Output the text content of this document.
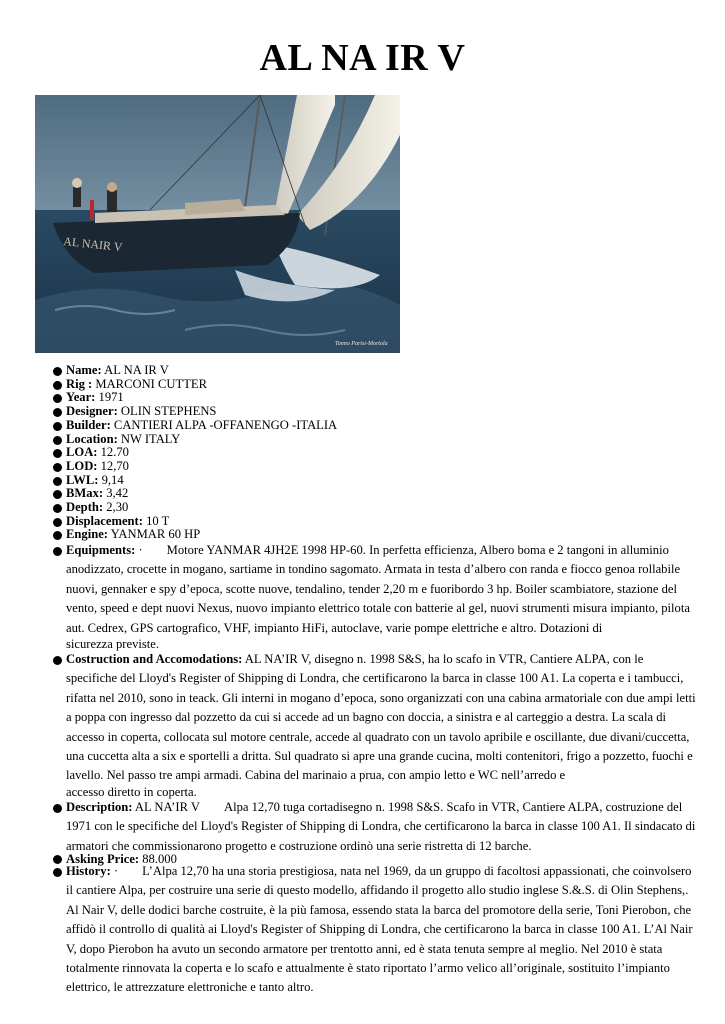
AL NA IR V
AL NAIR V
Tonno Parisi-Mortola
Name: AL NA IR V
Rig : MARCONI CUTTER
Year: 1971
Designer: OLIN STEPHENS
Builder: CANTIERI ALPA -OFFANENGO -ITALIA
Location: NW ITALY
LOA: 12.70
LOD: 12,70
LWL: 9,14
BMax: 3,42
Depth: 2,30
Displacement: 10 T
Engine: YANMAR 60 HP
Equipments: · Motore YANMAR 4JH2E 1998 HP-60. In perfetta efficienza, Albero boma e 2 tangoni in alluminio anodizzato, crocette in mogano, sartiame in tondino sagomato. Armata in testa d’albero con randa e fiocco genoa rollabile nuovi, gennaker e spy d’epoca, scotte nuove, tendalino, tender 2,20 m e fuoribordo 3 hp. Boiler scambiatore, stazione del vento, speed e dept nuovi Nexus, nuovo impianto elettrico totale con batterie al gel, nuovi strumenti misura impianto, pilota aut. Cedrex, GPS cartografico, VHF, impianto HiFi, autoclave, varie pompe elettriche e altro. Dotazioni di
sicurezza previste.
Costruction and Accomodations: AL NA’IR V, disegno n. 1998 S&S, ha lo scafo in VTR, Cantiere ALPA, con le specifiche del Lloyd's Register of Shipping di Londra, che certificarono la barca in classe 100 A1. La coperta e i tambucci, rifatta nel 2010, sono in teack. Gli interni in mogano d’epoca, sono organizzati con una cabina armatoriale con due ampi letti a poppa con ingresso dal pozzetto da cui si accede ad un bagno con doccia, a sinistra e al carteggio a destra. La scala di accesso in coperta, collocata sul motore centrale, accede al quadrato con un tavolo apribile e oscillante, due divani/cuccetta, una cuccetta alta a six e sportelli a dritta. Sul quadrato si apre una grande cucina, molti contenitori, frigo a pozzetto, fuochi e lavello. Nel passo tre ampi armadi. Cabina del marinaio a prua, con ampio letto e WC nell’arredo e
accesso diretto in coperta.
Description: AL NA’IR V Alpa 12,70 tuga cortadisegno n. 1998 S&S. Scafo in VTR, Cantiere ALPA, costruzione del 1971 con le specifiche del Lloyd's Register of Shipping di Londra, che certificarono la barca in classe 100 A1. Il sindacato di armatori che commissionarono progetto e costruzione ordinò una serie ristretta di 12 barche.
Asking Price: 88.000
History: · L’Alpa 12,70 ha una storia prestigiosa, nata nel 1969, da un gruppo di facoltosi appassionati, che coinvolsero il cantiere Alpa, per costruire una serie di questo modello, affidando il progetto allo studio inglese S.&.S. di Olin Stephens,. Al Nair V, delle dodici barche costruite, è la più famosa, essendo stata la barca del promotore della serie, Toni Pierobon, che affidò il controllo di qualità ai Lloyd's Register of Shipping di Londra, che certificarono la barca in classe 100 A1. L’Al Nair V, dopo Pierobon ha avuto un secondo armatore per trentotto anni, ed è stata tenuta sempre al meglio. Nel 2010 è stata totalmente rinnovata la coperta e lo scafo e attualmente è stato riportato l’armo velico all’originale, sostituito l’impianto elettrico, le attrezzature elettroniche e tanto altro.
